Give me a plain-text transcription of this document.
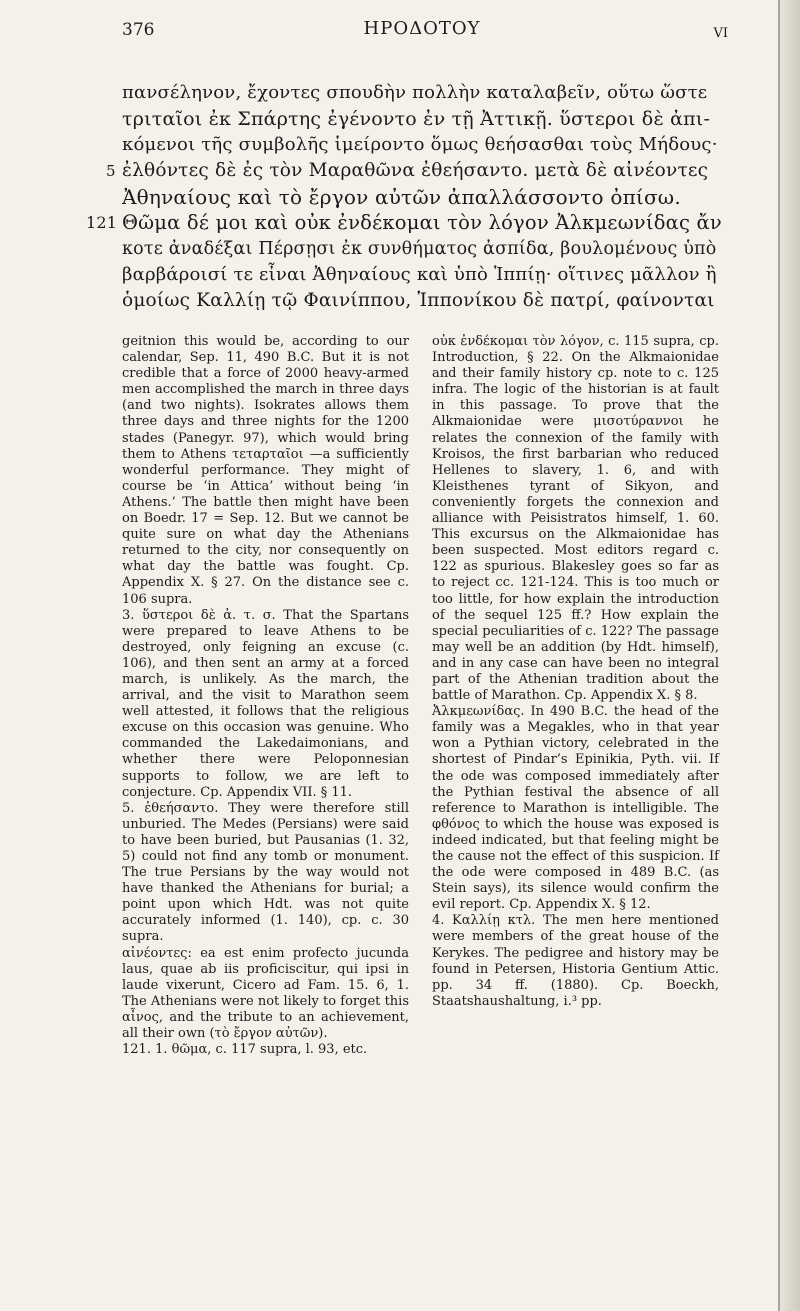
376	ΗΡΟΔΟΤΟΥ	VI
πανσέληνον, ἔχοντες σπουδὴν πολλὴν καταλαβεῖν, οὕτω ὥστε
τριταῖοι ἐκ Σπάρτης ἐγένοντο ἐν τῇ Ἀττικῇ. ὕστεροι δὲ ἀπι-
κόμενοι τῆς συμβολῆς ἱμείροντο ὅμως θεήσασθαι τοὺς Μήδους·
5 ἐλθόντες δὲ ἐς τὸν Μαραθῶνα ἐθεήσαντο. μετὰ δὲ αἰνέοντες
Ἀθηναίους καὶ τὸ ἔργον αὐτῶν ἀπαλλάσσοντο ὀπίσω.
121 Θῶμα δέ μοι καὶ οὐκ ἐνδέκομαι τὸν λόγον Ἀλκμεωνίδας ἄν
κοτε ἀναδέξαι Πέρσῃσι ἐκ συνθήματος ἀσπίδα, βουλομένους ὑπὸ
βαρβάροισί τε εἶναι Ἀθηναίους καὶ ὑπὸ Ἱππίῃ· οἵτινες μᾶλλον ἢ
ὁμοίως Καλλίῃ τῷ Φαινίππου, Ἱππονίκου δὲ πατρί, φαίνονται

geitnion this would be, according to our calendar, Sep. 11, 490 B.C. But it is not credible that a force of 2000 heavy-armed men accomplished the march in three days (and two nights). Isokrates allows them three days and three nights for the 1200 stades (Panegyr. 97), which would bring them to Athens τεταρταῖοι —a sufficiently wonderful performance. They might of course be ‘in Attica’ without being ‘in Athens.’ The battle then might have been on Boedr. 17 = Sep. 12. But we cannot be quite sure on what day the Athenians returned to the city, nor consequently on what day the battle was fought. Cp. Appendix X. § 27. On the distance see c. 106 supra.

3. ὕστεροι δὲ ἀ. τ. σ. That the Spartans were prepared to leave Athens to be destroyed, only feigning an excuse (c. 106), and then sent an army at a forced march, is unlikely. As the march, the arrival, and the visit to Marathon seem well attested, it follows that the religious excuse on this occasion was genuine. Who commanded the Lakedaimonians, and whether there were Peloponnesian supports to follow, we are left to conjecture. Cp. Appendix VII. § 11.

5. ἐθεήσαντο. They were therefore still unburied. The Medes (Persians) were said to have been buried, but Pausanias (1. 32, 5) could not find any tomb or monument. The true Persians by the way would not have thanked the Athenians for burial; a point upon which Hdt. was not quite accurately informed (1. 140), cp. c. 30 supra.

αἰνέοντες: ea est enim profecto jucunda laus, quae ab iis proficiscitur, qui ipsi in laude vixerunt, Cicero ad Fam. 15. 6, 1. The Athenians were not likely to forget this αἶνος, and the tribute to an achievement, all their own (τὸ ἔργον αὐτῶν).

121. 1. θῶμα, c. 117 supra, l. 93, etc.

οὐκ ἐνδέκομαι τὸν λόγον, c. 115 supra, cp. Introduction, § 22. On the Alkmaionidae and their family history cp. note to c. 125 infra. The logic of the historian is at fault in this passage. To prove that the Alkmaionidae were μισοτύραννοι he relates the connexion of the family with Kroisos, the first barbarian who reduced Hellenes to slavery, 1. 6, and with Kleisthenes tyrant of Sikyon, and conveniently forgets the connexion and alliance with Peisistratos himself, 1. 60. This excursus on the Alkmaionidae has been suspected. Most editors regard c. 122 as spurious. Blakesley goes so far as to reject cc. 121-124. This is too much or too little, for how explain the introduction of the sequel 125 ff.? How explain the special peculiarities of c. 122? The passage may well be an addition (by Hdt. himself), and in any case can have been no integral part of the Athenian tradition about the battle of Marathon. Cp. Appendix X. § 8.

Ἀλκμεωνίδας. In 490 B.C. the head of the family was a Megakles, who in that year won a Pythian victory, celebrated in the shortest of Pindar’s Epinikia, Pyth. vii. If the ode was composed immediately after the Pythian festival the absence of all reference to Marathon is intelligible. The φθόνος to which the house was exposed is indeed indicated, but that feeling might be the cause not the effect of this suspicion. If the ode were composed in 489 B.C. (as Stein says), its silence would confirm the evil report. Cp. Appendix X. § 12.

4. Καλλίῃ κτλ. The men here mentioned were members of the great house of the Kerykes. The pedigree and history may be found in Petersen, Historia Gentium Attic. pp. 34 ff. (1880). Cp. Boeckh, Staatshaushaltung, i.³ pp.
